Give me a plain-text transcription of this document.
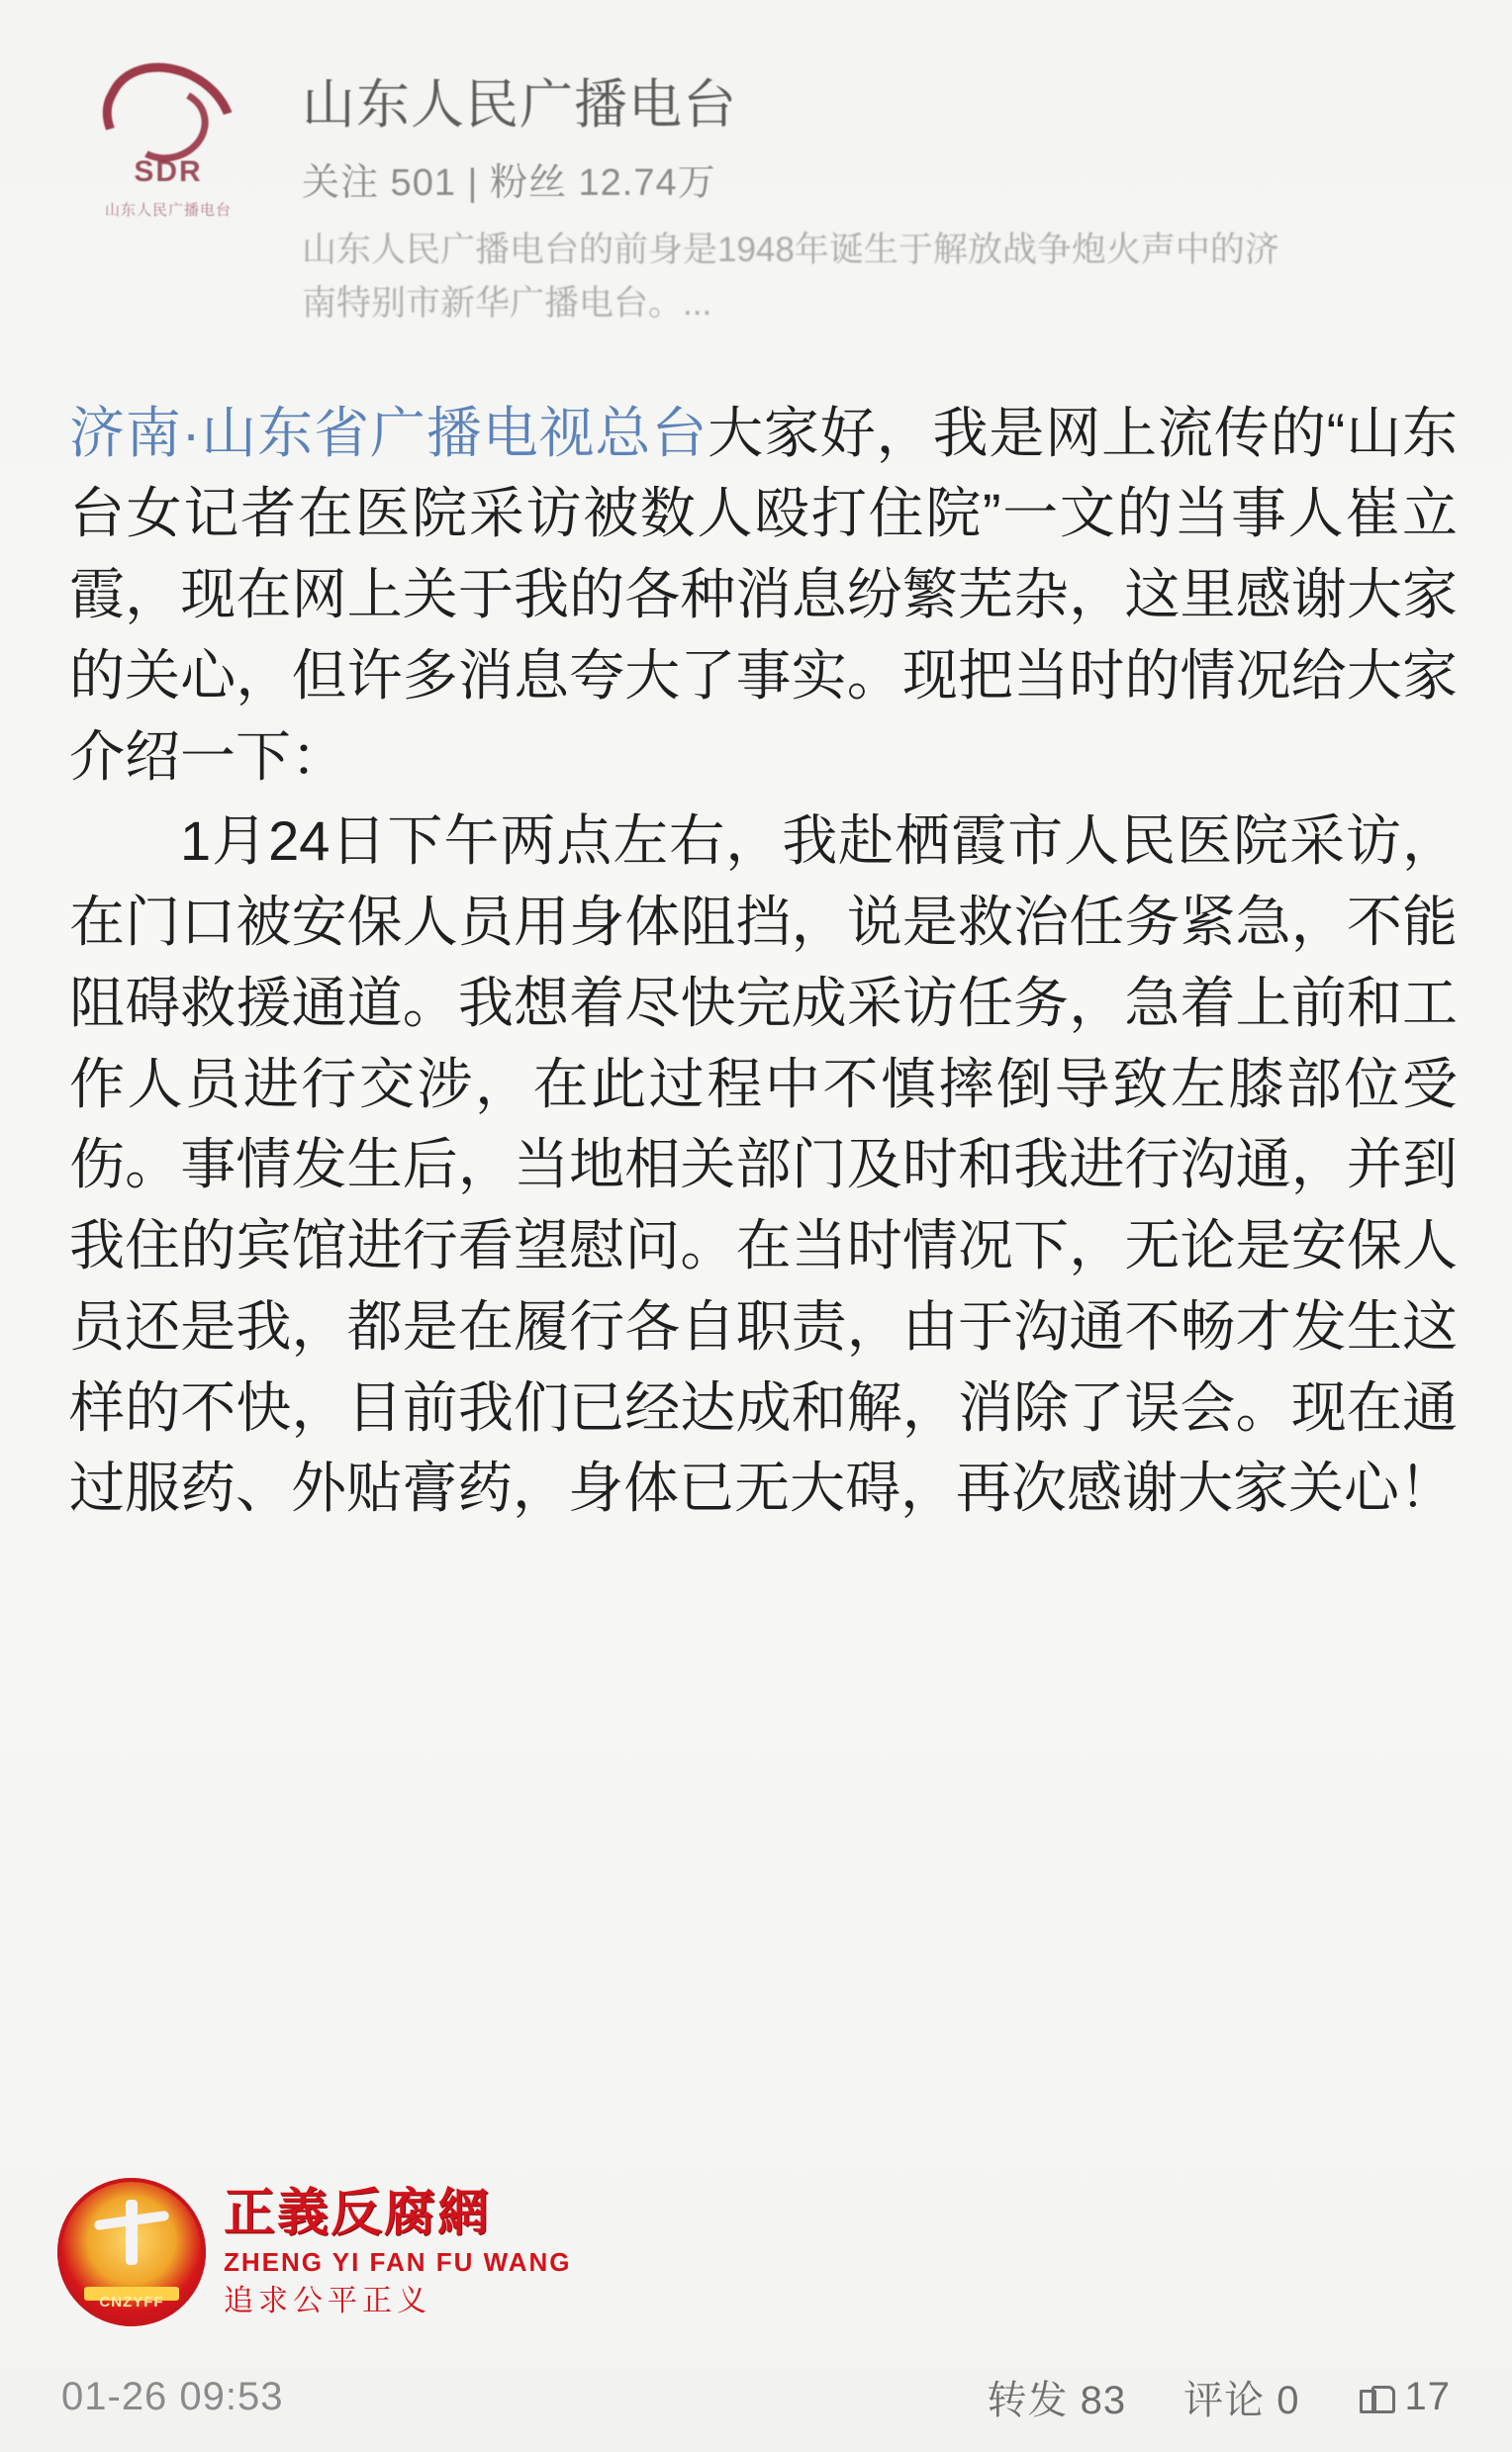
SDR
山东人民广播电台
山东人民广播电台
关注 501 | 粉丝 12.74万
山东人民广播电台的前身是1948年诞生于解放战争炮火声中的济南特别市新华广播电台。...

济南·山东省广播电视总台大家好，我是网上流传的“山东台女记者在医院采访被数人殴打住院”一文的当事人崔立霞，现在网上关于我的各种消息纷繁芜杂，这里感谢大家的关心，但许多消息夸大了事实。现把当时的情况给大家介绍一下：

1月24日下午两点左右，我赴栖霞市人民医院采访，在门口被安保人员用身体阻挡，说是救治任务紧急，不能阻碍救援通道。我想着尽快完成采访任务，急着上前和工作人员进行交涉，在此过程中不慎摔倒导致左膝部位受伤。事情发生后，当地相关部门及时和我进行沟通，并到我住的宾馆进行看望慰问。在当时情况下，无论是安保人员还是我，都是在履行各自职责，由于沟通不畅才发生这样的不快，目前我们已经达成和解，消除了误会。现在通过服药、外贴膏药，身体已无大碍，再次感谢大家关心！

CNZYFF
正義反腐網
ZHENG YI FAN FU WANG
追求公平正义
01-26 09:53	转发 83 评论 0	17
